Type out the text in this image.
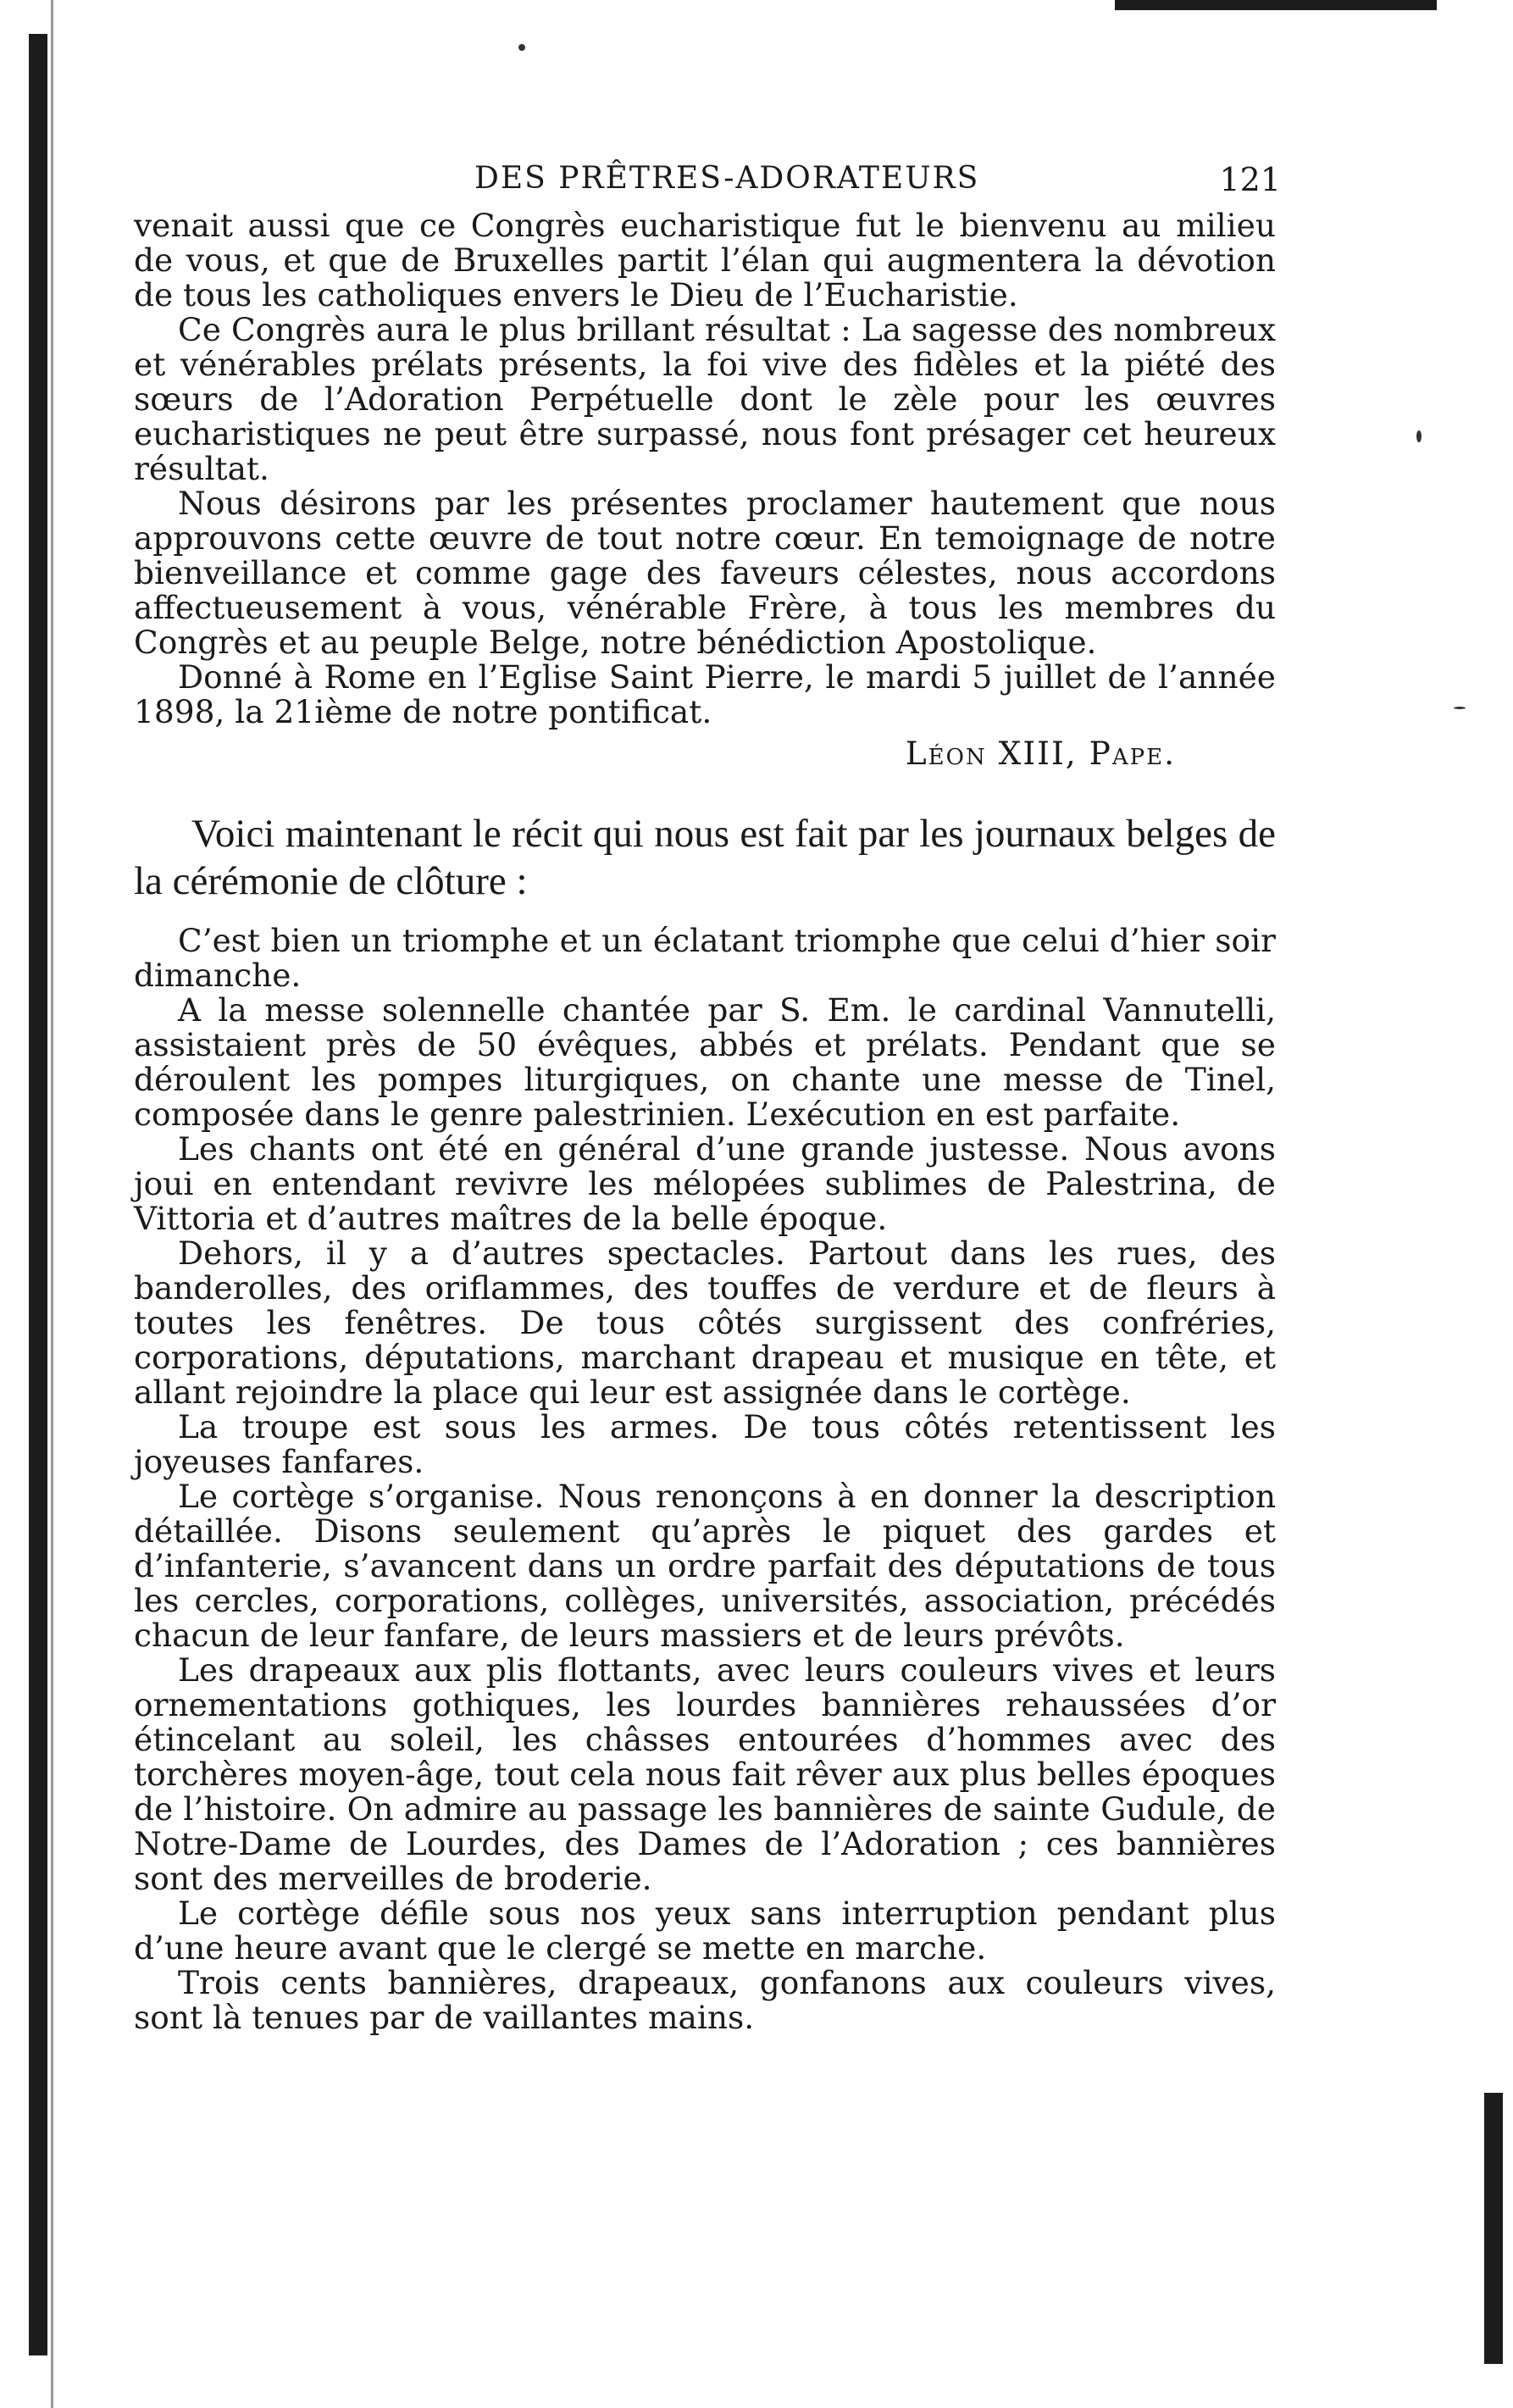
DES PRÊTRES-ADORATEURS	121

venait aussi que ce Congrès eucharistique fut le bienvenu au milieu de vous, et que de Bruxelles partit l’élan qui augmentera la dévotion de tous les catholiques envers le Dieu de l’Eucharistie.

Ce Congrès aura le plus brillant résultat : La sagesse des nombreux et vénérables prélats présents, la foi vive des fidèles et la piété des sœurs de l’Adoration Perpétuelle dont le zèle pour les œuvres eucharistiques ne peut être surpassé, nous font présager cet heureux résultat.

Nous désirons par les présentes proclamer hautement que nous approuvons cette œuvre de tout notre cœur. En temoignage de notre bienveillance et comme gage des faveurs célestes, nous accordons affectueusement à vous, vénérable Frère, à tous les membres du Congrès et au peuple Belge, notre bénédiction Apostolique.

Donné à Rome en l’Eglise Saint Pierre, le mardi 5 juillet de l’année 1898, la 21ième de notre pontificat.

Léon XIII, Pape.

Voici maintenant le récit qui nous est fait par les journaux belges de la cérémonie de clôture :

C’est bien un triomphe et un éclatant triomphe que celui d’hier soir dimanche.

A la messe solennelle chantée par S. Em. le cardinal Vannutelli, assistaient près de 50 évêques, abbés et prélats. Pendant que se déroulent les pompes liturgiques, on chante une messe de Tinel, composée dans le genre palestrinien. L’exécution en est parfaite.

Les chants ont été en général d’une grande justesse. Nous avons joui en entendant revivre les mélopées sublimes de Palestrina, de Vittoria et d’autres maîtres de la belle époque.

Dehors, il y a d’autres spectacles. Partout dans les rues, des banderolles, des oriflammes, des touffes de verdure et de fleurs à toutes les fenêtres. De tous côtés surgissent des confréries, corporations, députations, marchant drapeau et musique en tête, et allant rejoindre la place qui leur est assignée dans le cortège.

La troupe est sous les armes. De tous côtés retentissent les joyeuses fanfares.

Le cortège s’organise. Nous renonçons à en donner la description détaillée. Disons seulement qu’après le piquet des gardes et d’infanterie, s’avancent dans un ordre parfait des députations de tous les cercles, corporations, collèges, universités, association, précédés chacun de leur fanfare, de leurs massiers et de leurs prévôts.

Les drapeaux aux plis flottants, avec leurs couleurs vives et leurs ornementations gothiques, les lourdes bannières rehaussées d’or étincelant au soleil, les châsses entourées d’hommes avec des torchères moyen-âge, tout cela nous fait rêver aux plus belles époques de l’histoire. On admire au passage les bannières de sainte Gudule, de Notre-Dame de Lourdes, des Dames de l’Adoration ; ces bannières sont des merveilles de broderie.

Le cortège défile sous nos yeux sans interruption pendant plus d’une heure avant que le clergé se mette en marche.

Trois cents bannières, drapeaux, gonfanons aux couleurs vives, sont là tenues par de vaillantes mains.
